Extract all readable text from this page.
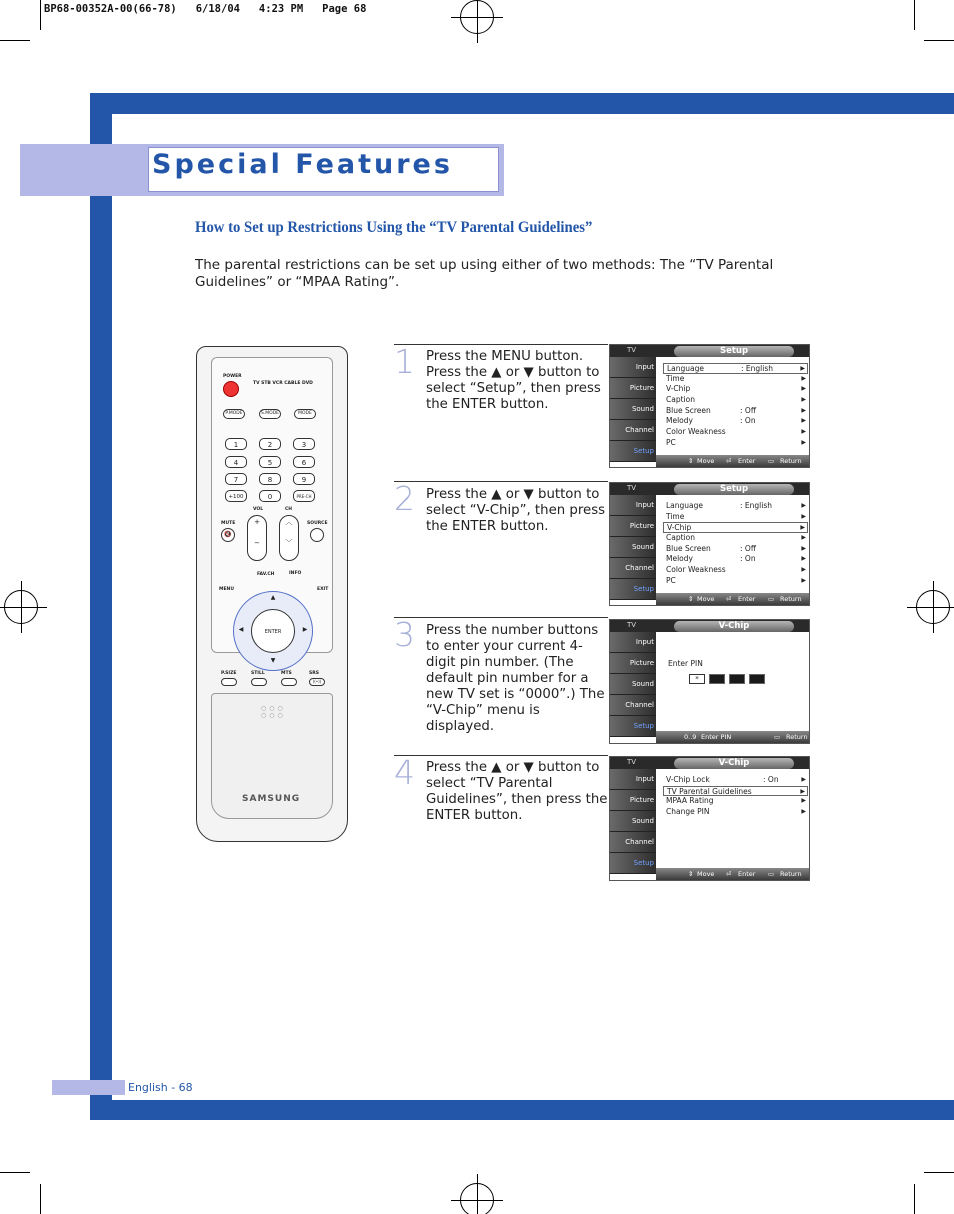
BP68-00352A-00(66-78)   6/18/04   4:23 PM   Page 68
Special Features
How to Set up Restrictions Using the “TV Parental Guidelines”
The parental restrictions can be set up using either of two methods: The “TV Parental Guidelines” or “MPAA Rating”.
POWER
TV STB VCR CABLE DVD
P.MODE	S.MODE	MODE
1	2	3
4	5	6
7	8	9
+100	0	PRE-CH
VOL	CH
MUTE	SOURCE
🔇
+
−
︿
﹀
FAV.CH	INFO
MENU	EXIT
ENTER
▲
▼
◀	▶
P.SIZE	STILL	MTS	SRS
((•))
○○○
○○○
SAMSUNG
1 Press the MENU button. Press the ▲ or ▼ button to select “Setup”, then press the ENTER button.
2 Press the ▲ or ▼ button to select “V-Chip”, then press the ENTER button.
3 Press the number buttons to enter your current 4-digit pin number. (The default pin number for a new TV set is “0000”.) The “V-Chip” menu is displayed.
4 Press the ▲ or ▼ button to select “TV Parental Guidelines”, then press the ENTER button.
TV	Setup
Input
Picture
Sound
Channel
Setup
Language	: English	▶
Time	▶
V-Chip	▶
Caption	▶
Blue Screen	: Off	▶
Melody	: On	▶
Color Weakness	▶
PC	▶
⇕ Move ⏎ Enter ▭ Return
TV	Setup
Input
Picture
Sound
Channel
Setup
Language	: English	▶
Time	▶
V-Chip	▶
Caption	▶
Blue Screen	: Off	▶
Melody	: On	▶
Color Weakness	▶
PC	▶
⇕ Move ⏎ Enter ▭ Return
TV	V-Chip
Input
Picture
Sound
Channel
Setup
Enter PIN
*
0..9 Enter PIN	▭ Return
TV	V-Chip
Input
Picture
Sound
Channel
Setup
V-Chip Lock	: On	▶
TV Parental Guidelines	▶
MPAA Rating	▶
Change PIN	▶
⇕ Move ⏎ Enter ▭ Return
English - 68
